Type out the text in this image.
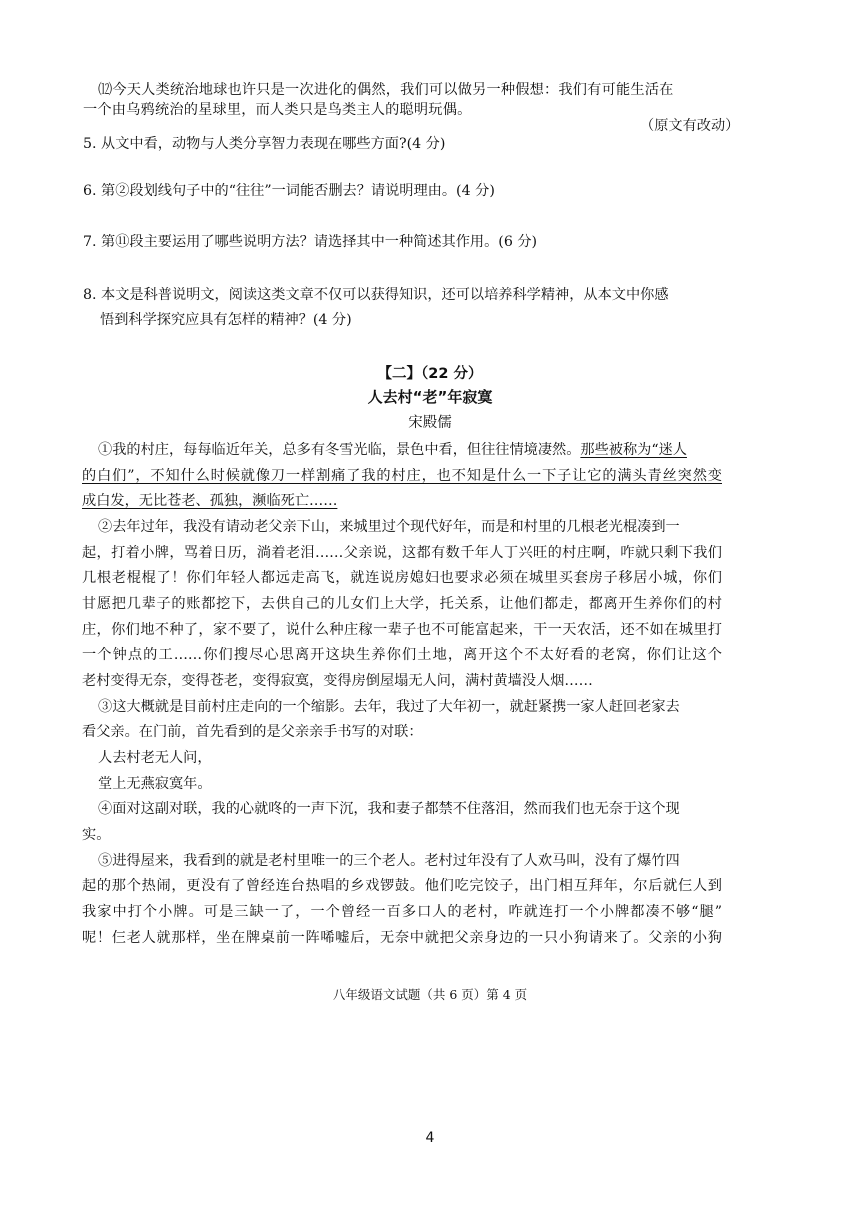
⑿今天人类统治地球也许只是一次进化的偶然，我们可以做另一种假想：我们有可能生活在
一个由乌鸦统治的星球里，而人类只是鸟类主人的聪明玩偶。
（原文有改动）
5. 从文中看，动物与人类分享智力表现在哪些方面?(4 分)
6. 第②段划线句子中的“往往”一词能否删去？请说明理由。(4 分)
7. 第⑪段主要运用了哪些说明方法？请选择其中一种简述其作用。(6 分)
8. 本文是科普说明文，阅读这类文章不仅可以获得知识，还可以培养科学精神，从本文中你感
悟到科学探究应具有怎样的精神？(4 分)
【二】（22 分）
人去村“老”年寂寞
宋殿儒
①我的村庄，每每临近年关，总多有冬雪光临，景色中看，但往往情境凄然。那些被称为“迷人
的白们”，不知什么时候就像刀一样割痛了我的村庄，也不知是什么一下子让它的满头青丝突然变
成白发，无比苍老、孤独，濒临死亡……
②去年过年，我没有请动老父亲下山，来城里过个现代好年，而是和村里的几根老光棍凑到一
起，打着小牌，骂着日历，淌着老泪……父亲说，这都有数千年人丁兴旺的村庄啊，咋就只剩下我们
几根老棍棍了！你们年轻人都远走高飞，就连说房媳妇也要求必须在城里买套房子移居小城，你们
甘愿把几辈子的账都挖下，去供自己的儿女们上大学，托关系，让他们都走，都离开生养你们的村
庄，你们地不种了，家不要了，说什么种庄稼一辈子也不可能富起来，干一天农活，还不如在城里打
一个钟点的工……你们搜尽心思离开这块生养你们土地，离开这个不太好看的老窝，你们让这个
老村变得无奈，变得苍老，变得寂寞，变得房倒屋塌无人问，满村黄墙没人烟……
③这大概就是目前村庄走向的一个缩影。去年，我过了大年初一，就赶紧携一家人赶回老家去
看父亲。在门前，首先看到的是父亲亲手书写的对联：
人去村老无人问，
堂上无燕寂寞年。
④面对这副对联，我的心就咚的一声下沉，我和妻子都禁不住落泪，然而我们也无奈于这个现
实。
⑤进得屋来，我看到的就是老村里唯一的三个老人。老村过年没有了人欢马叫，没有了爆竹四
起的那个热闹，更没有了曾经连台热唱的乡戏锣鼓。他们吃完饺子，出门相互拜年，尔后就仨人到
我家中打个小牌。可是三缺一了，一个曾经一百多口人的老村，咋就连打一个小牌都凑不够“腿”
呢！仨老人就那样，坐在牌桌前一阵唏嘘后，无奈中就把父亲身边的一只小狗请来了。父亲的小狗
八年级语文试题（共 6 页）第 4 页
4
